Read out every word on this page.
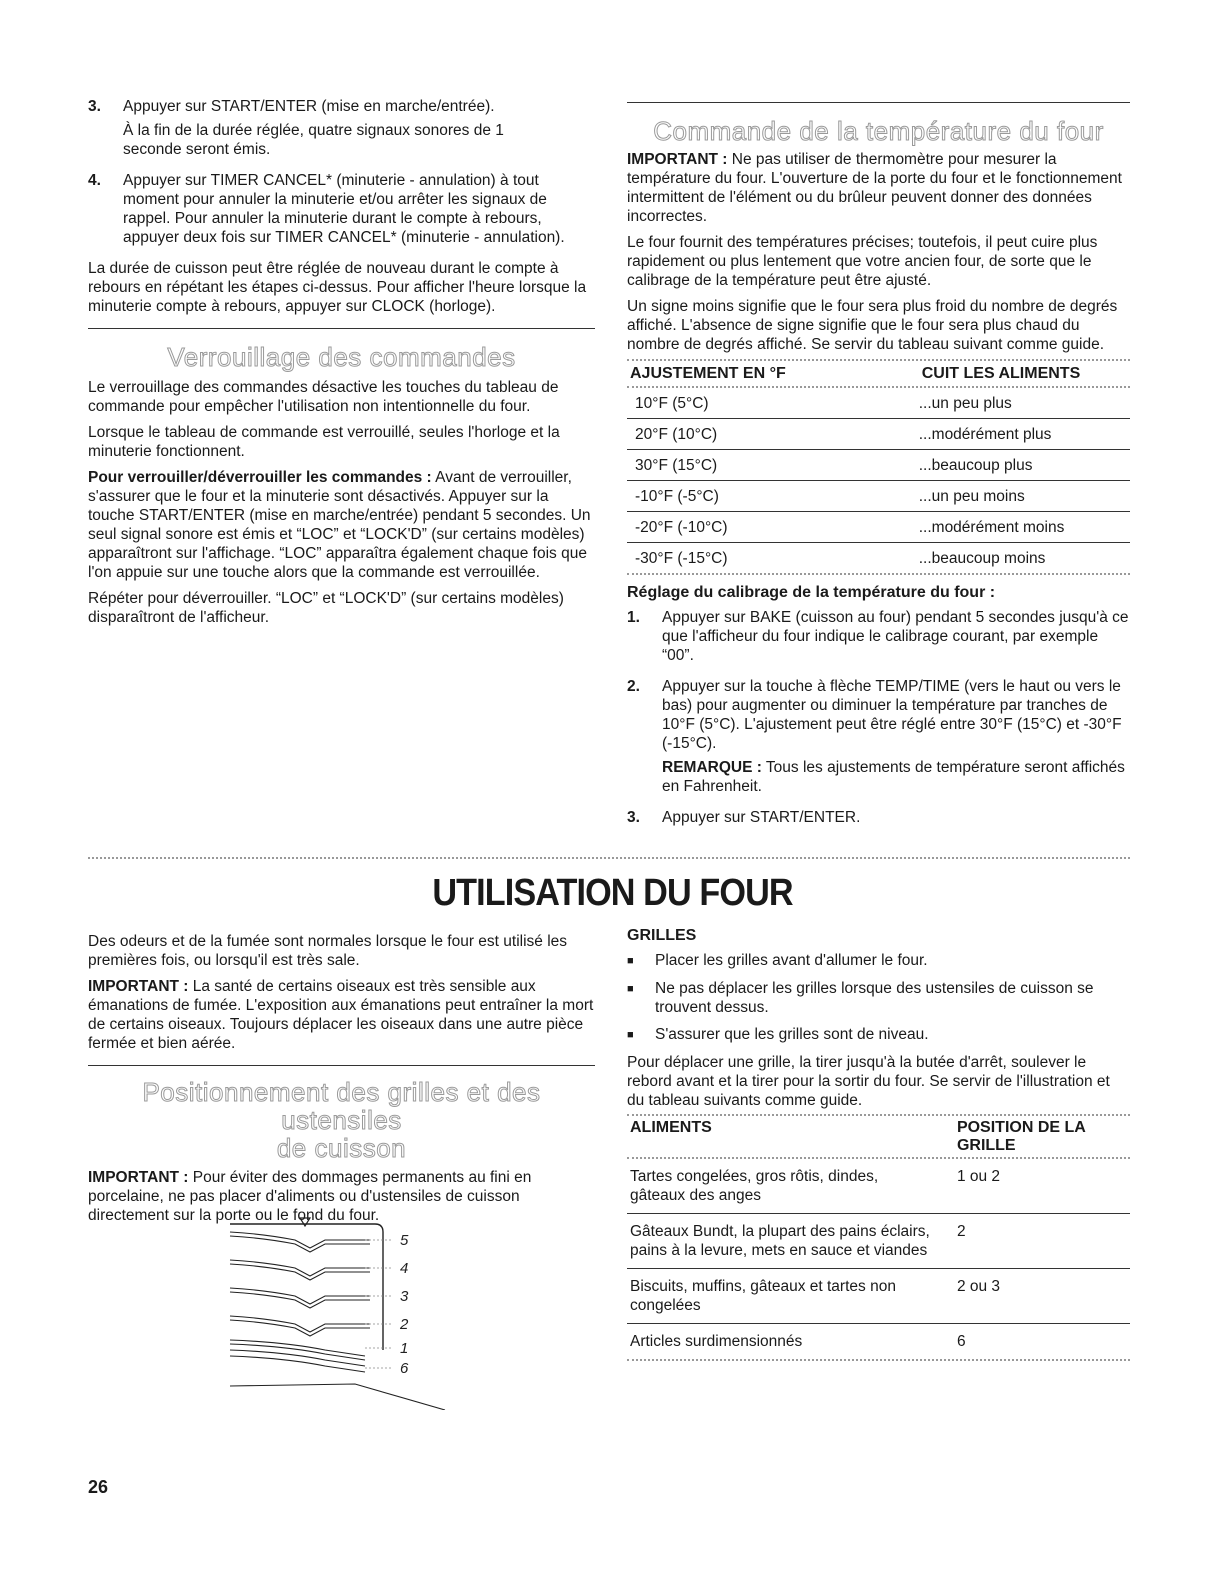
3.	Appuyer sur START/ENTER (mise en marche/entrée).

À la fin de la durée réglée, quatre signaux sonores de 1 seconde seront émis.

4.	Appuyer sur TIMER CANCEL* (minuterie - annulation) à tout moment pour annuler la minuterie et/ou arrêter les signaux de rappel. Pour annuler la minuterie durant le compte à rebours, appuyer deux fois sur TIMER CANCEL* (minuterie - annulation).

La durée de cuisson peut être réglée de nouveau durant le compte à rebours en répétant les étapes ci-dessus. Pour afficher l'heure lorsque la minuterie compte à rebours, appuyer sur CLOCK (horloge).

Verrouillage des commandes

Le verrouillage des commandes désactive les touches du tableau de commande pour empêcher l'utilisation non intentionnelle du four.

Lorsque le tableau de commande est verrouillé, seules l'horloge et la minuterie fonctionnent.

Pour verrouiller/déverrouiller les commandes : Avant de verrouiller, s'assurer que le four et la minuterie sont désactivés. Appuyer sur la touche START/ENTER (mise en marche/entrée) pendant 5 secondes. Un seul signal sonore est émis et “LOC” et “LOCK'D” (sur certains modèles) apparaîtront sur l'affichage. “LOC” apparaîtra également chaque fois que l'on appuie sur une touche alors que la commande est verrouillée.

Répéter pour déverrouiller. “LOC” et “LOCK'D” (sur certains modèles) disparaîtront de l'afficheur.

Commande de la température du four

IMPORTANT : Ne pas utiliser de thermomètre pour mesurer la température du four. L'ouverture de la porte du four et le fonctionnement intermittent de l'élément ou du brûleur peuvent donner des données incorrectes.

Le four fournit des températures précises; toutefois, il peut cuire plus rapidement ou plus lentement que votre ancien four, de sorte que le calibrage de la température peut être ajusté.

Un signe moins signifie que le four sera plus froid du nombre de degrés affiché. L'absence de signe signifie que le four sera plus chaud du nombre de degrés affiché. Se servir du tableau suivant comme guide.

AJUSTEMENT EN °F	CUIT LES ALIMENTS

10°F (5°C)	...un peu plus
20°F (10°C)	...modérément plus
30°F (15°C)	...beaucoup plus
-10°F (-5°C)	...un peu moins
-20°F (-10°C)	...modérément moins
-30°F (-15°C)	...beaucoup moins
Réglage du calibrage de la température du four :
1.	Appuyer sur BAKE (cuisson au four) pendant 5 secondes jusqu'à ce que l'afficheur du four indique le calibrage courant, par exemple “00”.

2.	Appuyer sur la touche à flèche TEMP/TIME (vers le haut ou vers le bas) pour augmenter ou diminuer la température par tranches de 10°F (5°C). L'ajustement peut être réglé entre 30°F (15°C) et -30°F (-15°C).

REMARQUE : Tous les ajustements de température seront affichés en Fahrenheit.

3.	Appuyer sur START/ENTER.

UTILISATION DU FOUR

Des odeurs et de la fumée sont normales lorsque le four est utilisé les premières fois, ou lorsqu'il est très sale.

IMPORTANT : La santé de certains oiseaux est très sensible aux émanations de fumée. L'exposition aux émanations peut entraîner la mort de certains oiseaux. Toujours déplacer les oiseaux dans une autre pièce fermée et bien aérée.

Positionnement des grilles et des ustensiles
de cuisson

IMPORTANT : Pour éviter des dommages permanents au fini en porcelaine, ne pas placer d'aliments ou d'ustensiles de cuisson directement sur la porte ou le fond du four.

5
4
3
2
1
6
GRILLES
■	Placer les grilles avant d'allumer le four.
■	Ne pas déplacer les grilles lorsque des ustensiles de cuisson se trouvent dessus.
■	S'assurer que les grilles sont de niveau.

Pour déplacer une grille, la tirer jusqu'à la butée d'arrêt, soulever le rebord avant et la tirer pour la sortir du four. Se servir de l'illustration et du tableau suivants comme guide.

ALIMENTS	POSITION DE LA GRILLE

Tartes congelées, gros rôtis, dindes, gâteaux des anges	1 ou 2
Gâteaux Bundt, la plupart des pains éclairs, pains à la levure, mets en sauce et viandes	2
Biscuits, muffins, gâteaux et tartes non congelées	2 ou 3
Articles surdimensionnés	6
26
